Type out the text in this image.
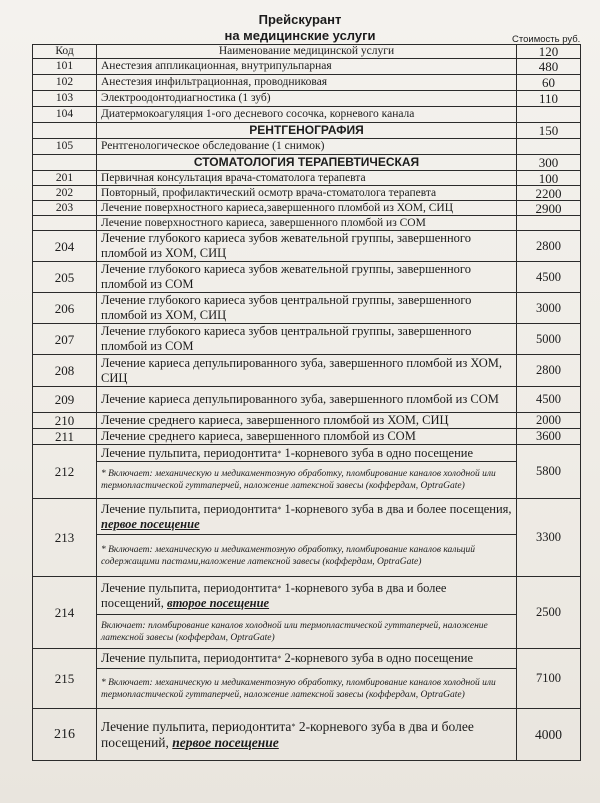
Прейскурант
на медицинские услуги	Стоимость руб.
Код	Наименование медицинской услуги	120
101	Анестезия аппликационная, внутрипульпарная	480
102	Анестезия инфильтрационная, проводниковая	60
103	Электроодонтодиагностика (1 зуб)	110
104	Диатермокоагуляция 1-ого десневого сосочка, корневого канала	
	РЕНТГЕНОГРАФИЯ	150
105	Рентгенологическое обследование (1 снимок)	
	СТОМАТОЛОГИЯ ТЕРАПЕВТИЧЕСКАЯ	300
201	Первичная консультация врача-стоматолога терапевта	100
202	Повторный, профилактический осмотр врача-стоматолога терапевта	2200
203	Лечение поверхностного кариеса,завершенного пломбой из ХОМ, СИЦ	2900
	Лечение поверхностного кариеса, завершенного пломбой из СОМ	
204	Лечение глубокого кариеса зубов жевательной группы, завершенного пломбой из ХОМ, СИЦ	2800
205	Лечение глубокого кариеса зубов жевательной группы, завершенного пломбой из СОМ	4500
206	Лечение глубокого кариеса зубов центральной группы, завершенного пломбой из ХОМ, СИЦ	3000
207	Лечение глубокого кариеса зубов центральной группы, завершенного пломбой из СОМ	5000
208	Лечение кариеса депульпированного зуба, завершенного пломбой из ХОМ, СИЦ	2800
209	Лечение кариеса депульпированного зуба, завершенного пломбой из СОМ	4500
210	Лечение среднего кариеса, завершенного пломбой из ХОМ, СИЦ	2000
211	Лечение среднего кариеса, завершенного пломбой из СОМ	3600
212	Лечение пульпита, периодонтита* 1-корневого зуба в одно посещение	5800
	* Включает: механическую и медикаментозную обработку, пломбирование каналов холодной или термопластической гуттаперчей, наложение латексной завесы (коффердам, OptraGate)	
213	Лечение пульпита, периодонтита* 1-корневого зуба в два и более посещения, первое посещение	3300
	* Включает: механическую и медикаментозную обработку, пломбирование каналов кальций содержащими пастами,наложение латексной завесы (коффердам, OptraGate)	
214	Лечение пульпита, периодонтита* 1-корневого зуба в два и более посещений, второе посещение	2500
	Включает: пломбирование каналов холодной или термопластической гуттаперчей, наложение латексной завесы (коффердам, OptraGate)	
215	Лечение пульпита, периодонтита* 2-корневого зуба в одно посещение	7100
	* Включает: механическую и медикаментозную обработку, пломбирование каналов холодной или термопластической гуттаперчей, наложение латексной завесы (коффердам, OptraGate)	
216	Лечение пульпита, периодонтита* 2-корневого зуба в два и более посещений, первое посещение	4000
